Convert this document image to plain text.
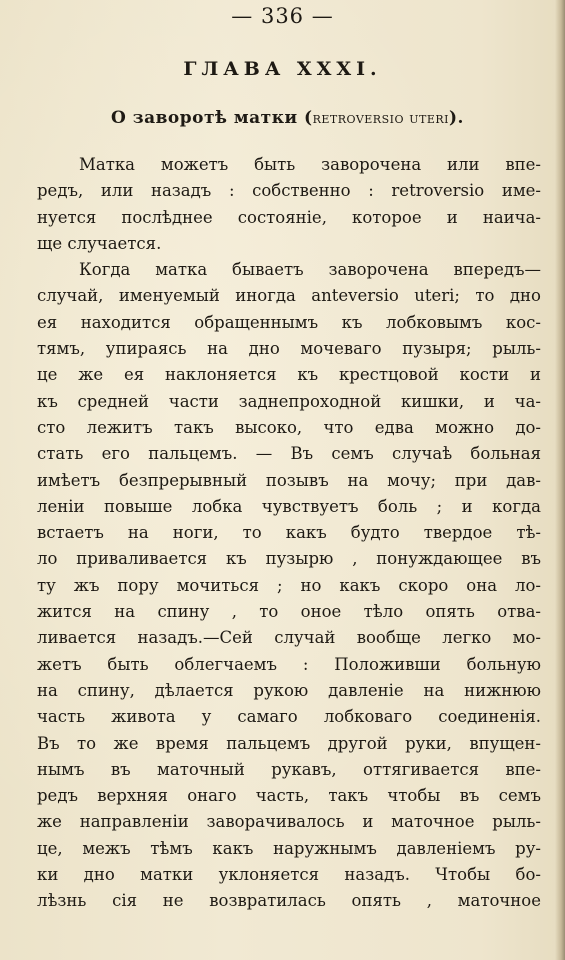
— 336 —
ГЛАВА XXXI.
О заворотѣ матки (retroversio uteri).
Матка можетъ быть заворочена или впе-
редъ, или назадъ : собственно : retroversio име-
нуется послѣднее состояніе, которое и наича-
ще случается.
Когда матка бываетъ заворочена впередъ—
случай, именуемый иногда anteversio uteri; то дно
ея находится обращеннымъ къ лобковымъ кос-
тямъ, упираясь на дно мочеваго пузыря; рыль-
це же ея наклоняется къ крестцовой кости и
къ средней части заднепроходной кишки, и ча-
сто лежитъ такъ высоко, что едва можно до-
стать его пальцемъ. — Въ семъ случаѣ больная
имѣетъ безпрерывный позывъ на мочу; при дав-
леніи повыше лобка чувствуетъ боль ; и когда
встаетъ на ноги, то какъ будто твердое тѣ-
ло приваливается къ пузырю , понуждающее въ
ту жъ пору мочиться ; но какъ скоро она ло-
жится на спину , то оное тѣло опять отва-
ливается назадъ.—Сей случай вообще легко мо-
жетъ быть облегчаемъ : Положивши больную
на спину, дѣлается рукою давленіе на нижнюю
часть живота у самаго лобковаго соединенія.
Въ то же время пальцемъ другой руки, впущен-
нымъ въ маточный рукавъ, оттягивается впе-
редъ верхняя онаго часть, такъ чтобы въ семъ
же направленіи заворачивалось и маточное рыль-
це, межъ тѣмъ какъ наружнымъ давленіемъ ру-
ки дно матки уклоняется назадъ. Чтобы бо-
лѣзнь сія не возвратилась опять , маточное
